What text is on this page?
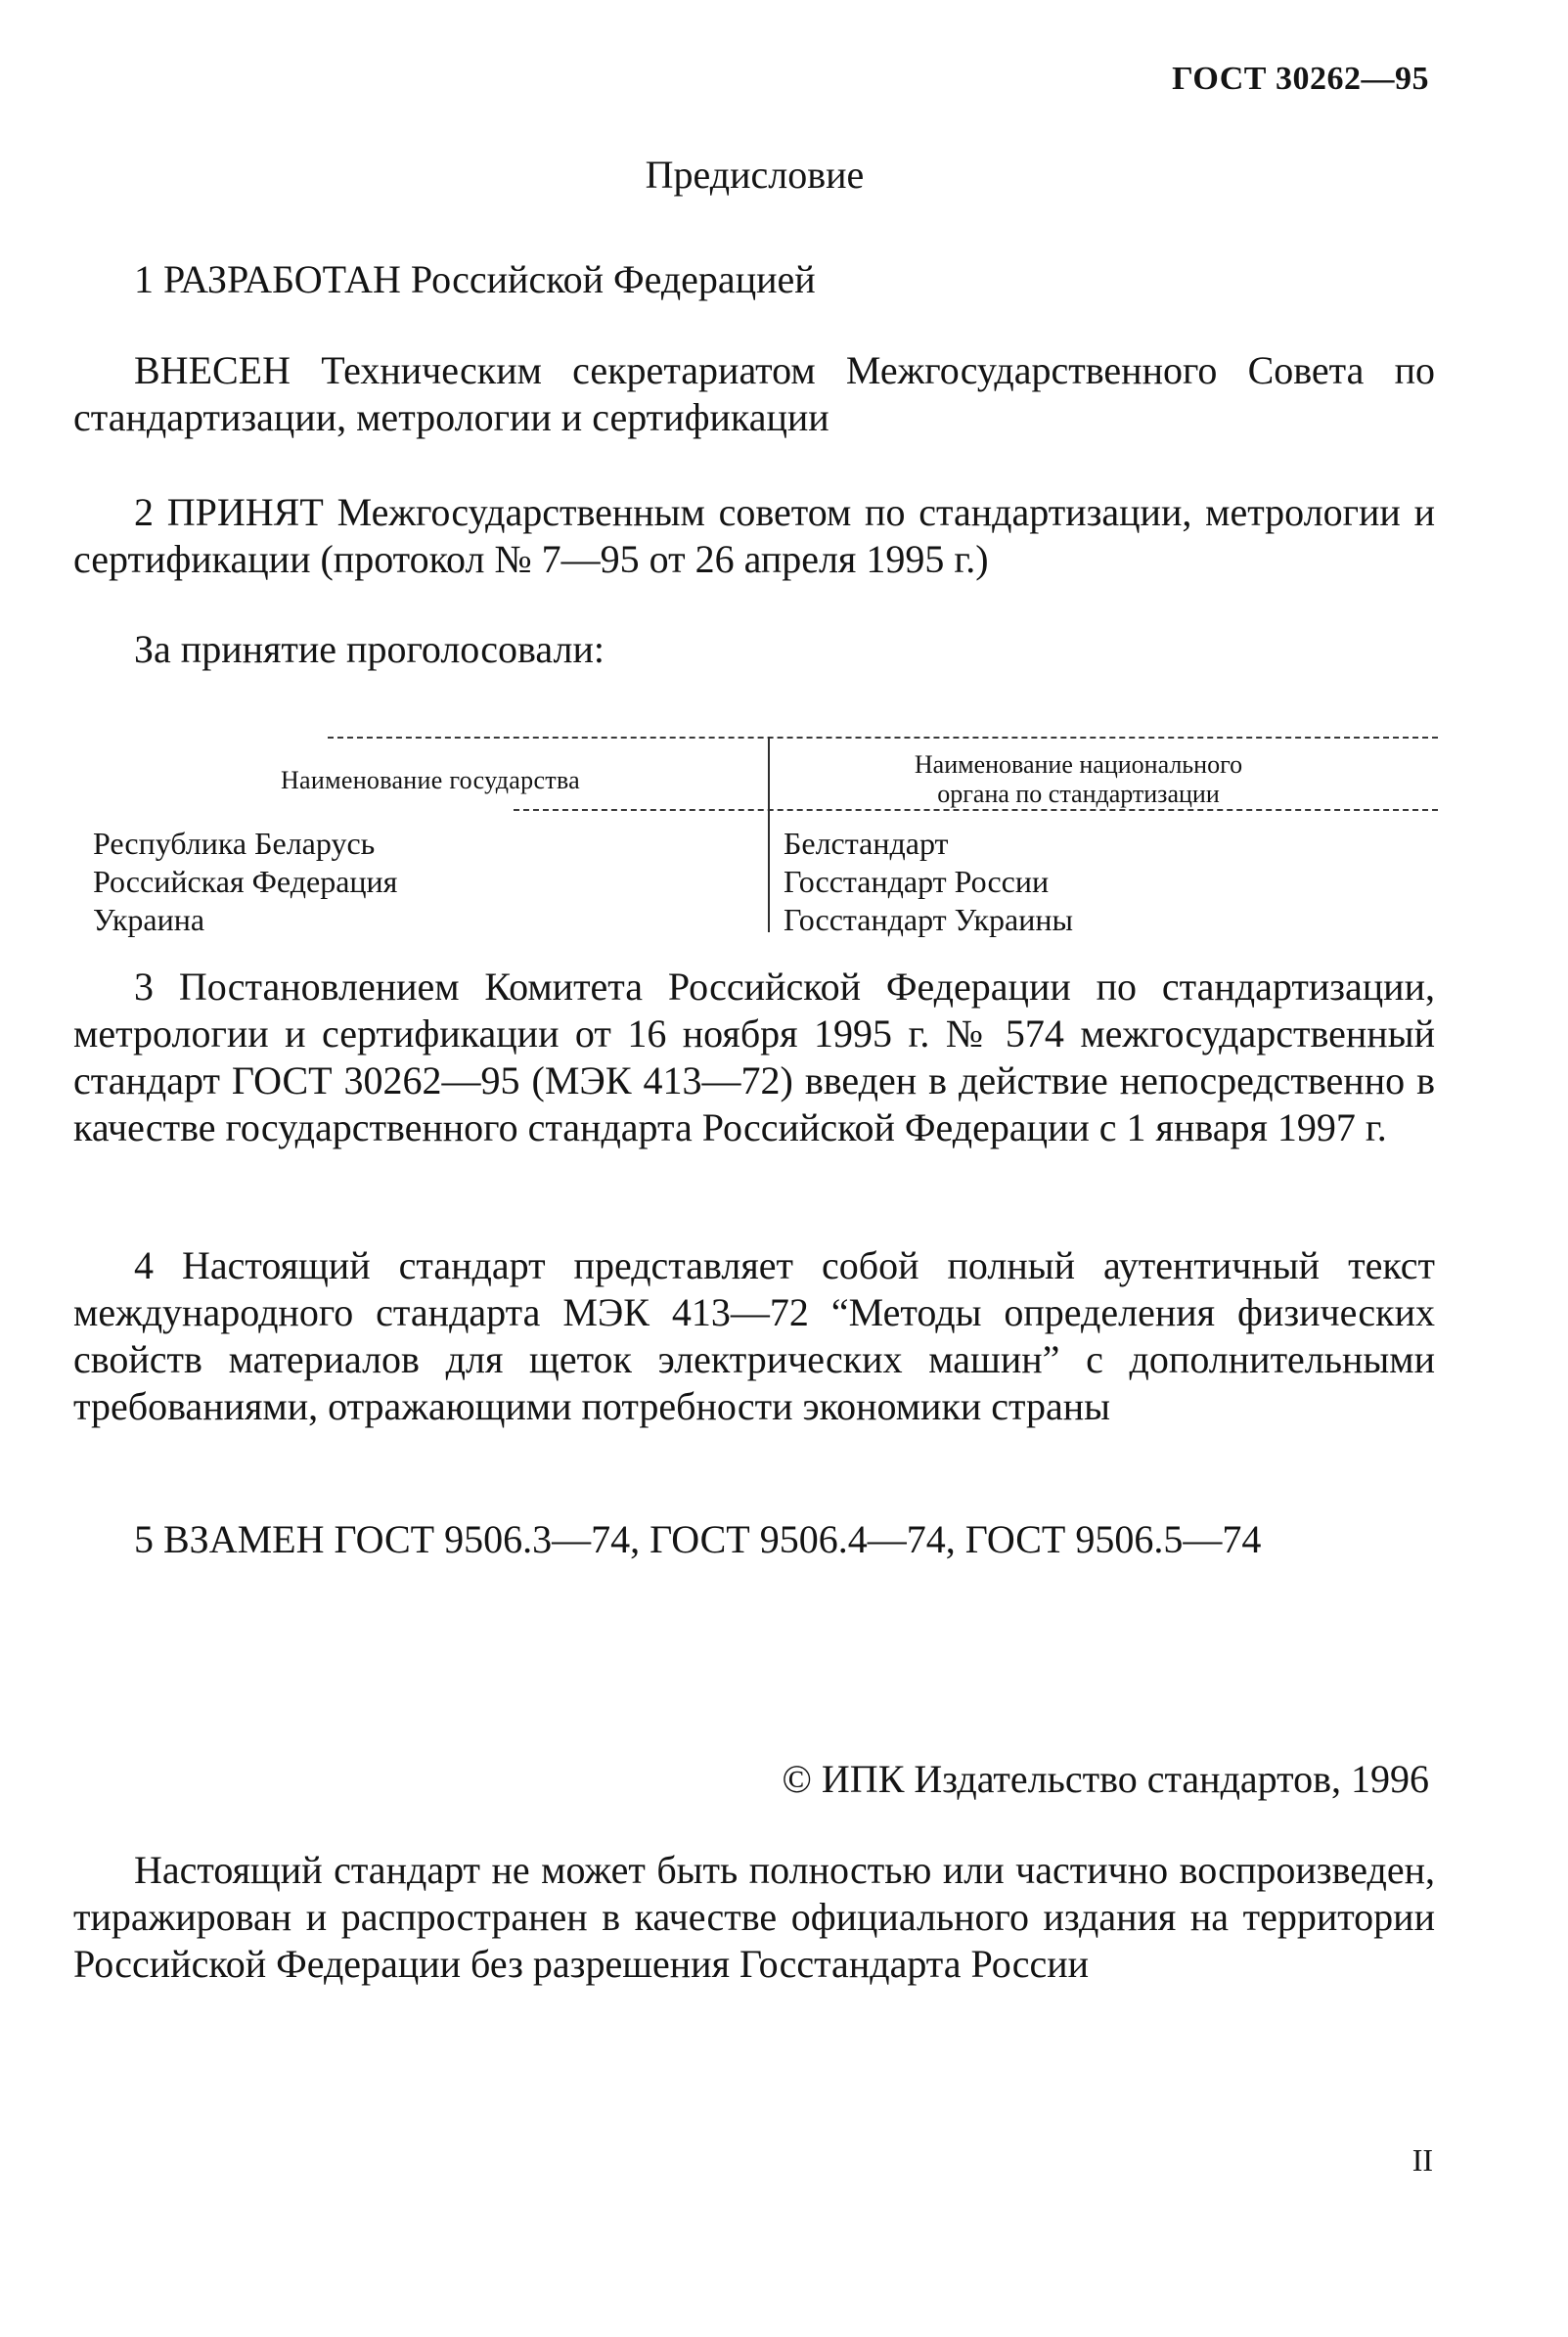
ГОСТ 30262—95
Предисловие
1 РАЗРАБОТАН Российской Федерацией
ВНЕСЕН Техническим секретариатом Межгосударственного Совета по стандартизации, метрологии и сертификации
2 ПРИНЯТ Межгосударственным советом по стандартизации, метрологии и сертификации (протокол № 7—95 от 26 апреля 1995 г.)
За принятие проголосовали:
Наименование государства
Наименование национального
органа по стандартизации
Республика Беларусь
Российская Федерация
Украина
Белстандарт
Госстандарт России
Госстандарт Украины
3 Постановлением Комитета Российской Федерации по стандартизации, метрологии и сертификации от 16 ноября 1995 г. № 574 межгосударственный стандарт ГОСТ 30262—95 (МЭК 413—72) введен в действие непосредственно в качестве государственного стандарта Российской Федерации с 1 января 1997 г.
4 Настоящий стандарт представляет собой полный аутентичный текст международного стандарта МЭК 413—72 “Методы определения физических свойств материалов для щеток электрических машин” с дополнительными требованиями, отражающими потребности экономики страны
5 ВЗАМЕН ГОСТ 9506.3—74, ГОСТ 9506.4—74, ГОСТ 9506.5—74
© ИПК Издательство стандартов, 1996
Настоящий стандарт не может быть полностью или частично воспроизведен, тиражирован и распространен в качестве официального издания на территории Российской Федерации без разрешения Госстандарта России
II
